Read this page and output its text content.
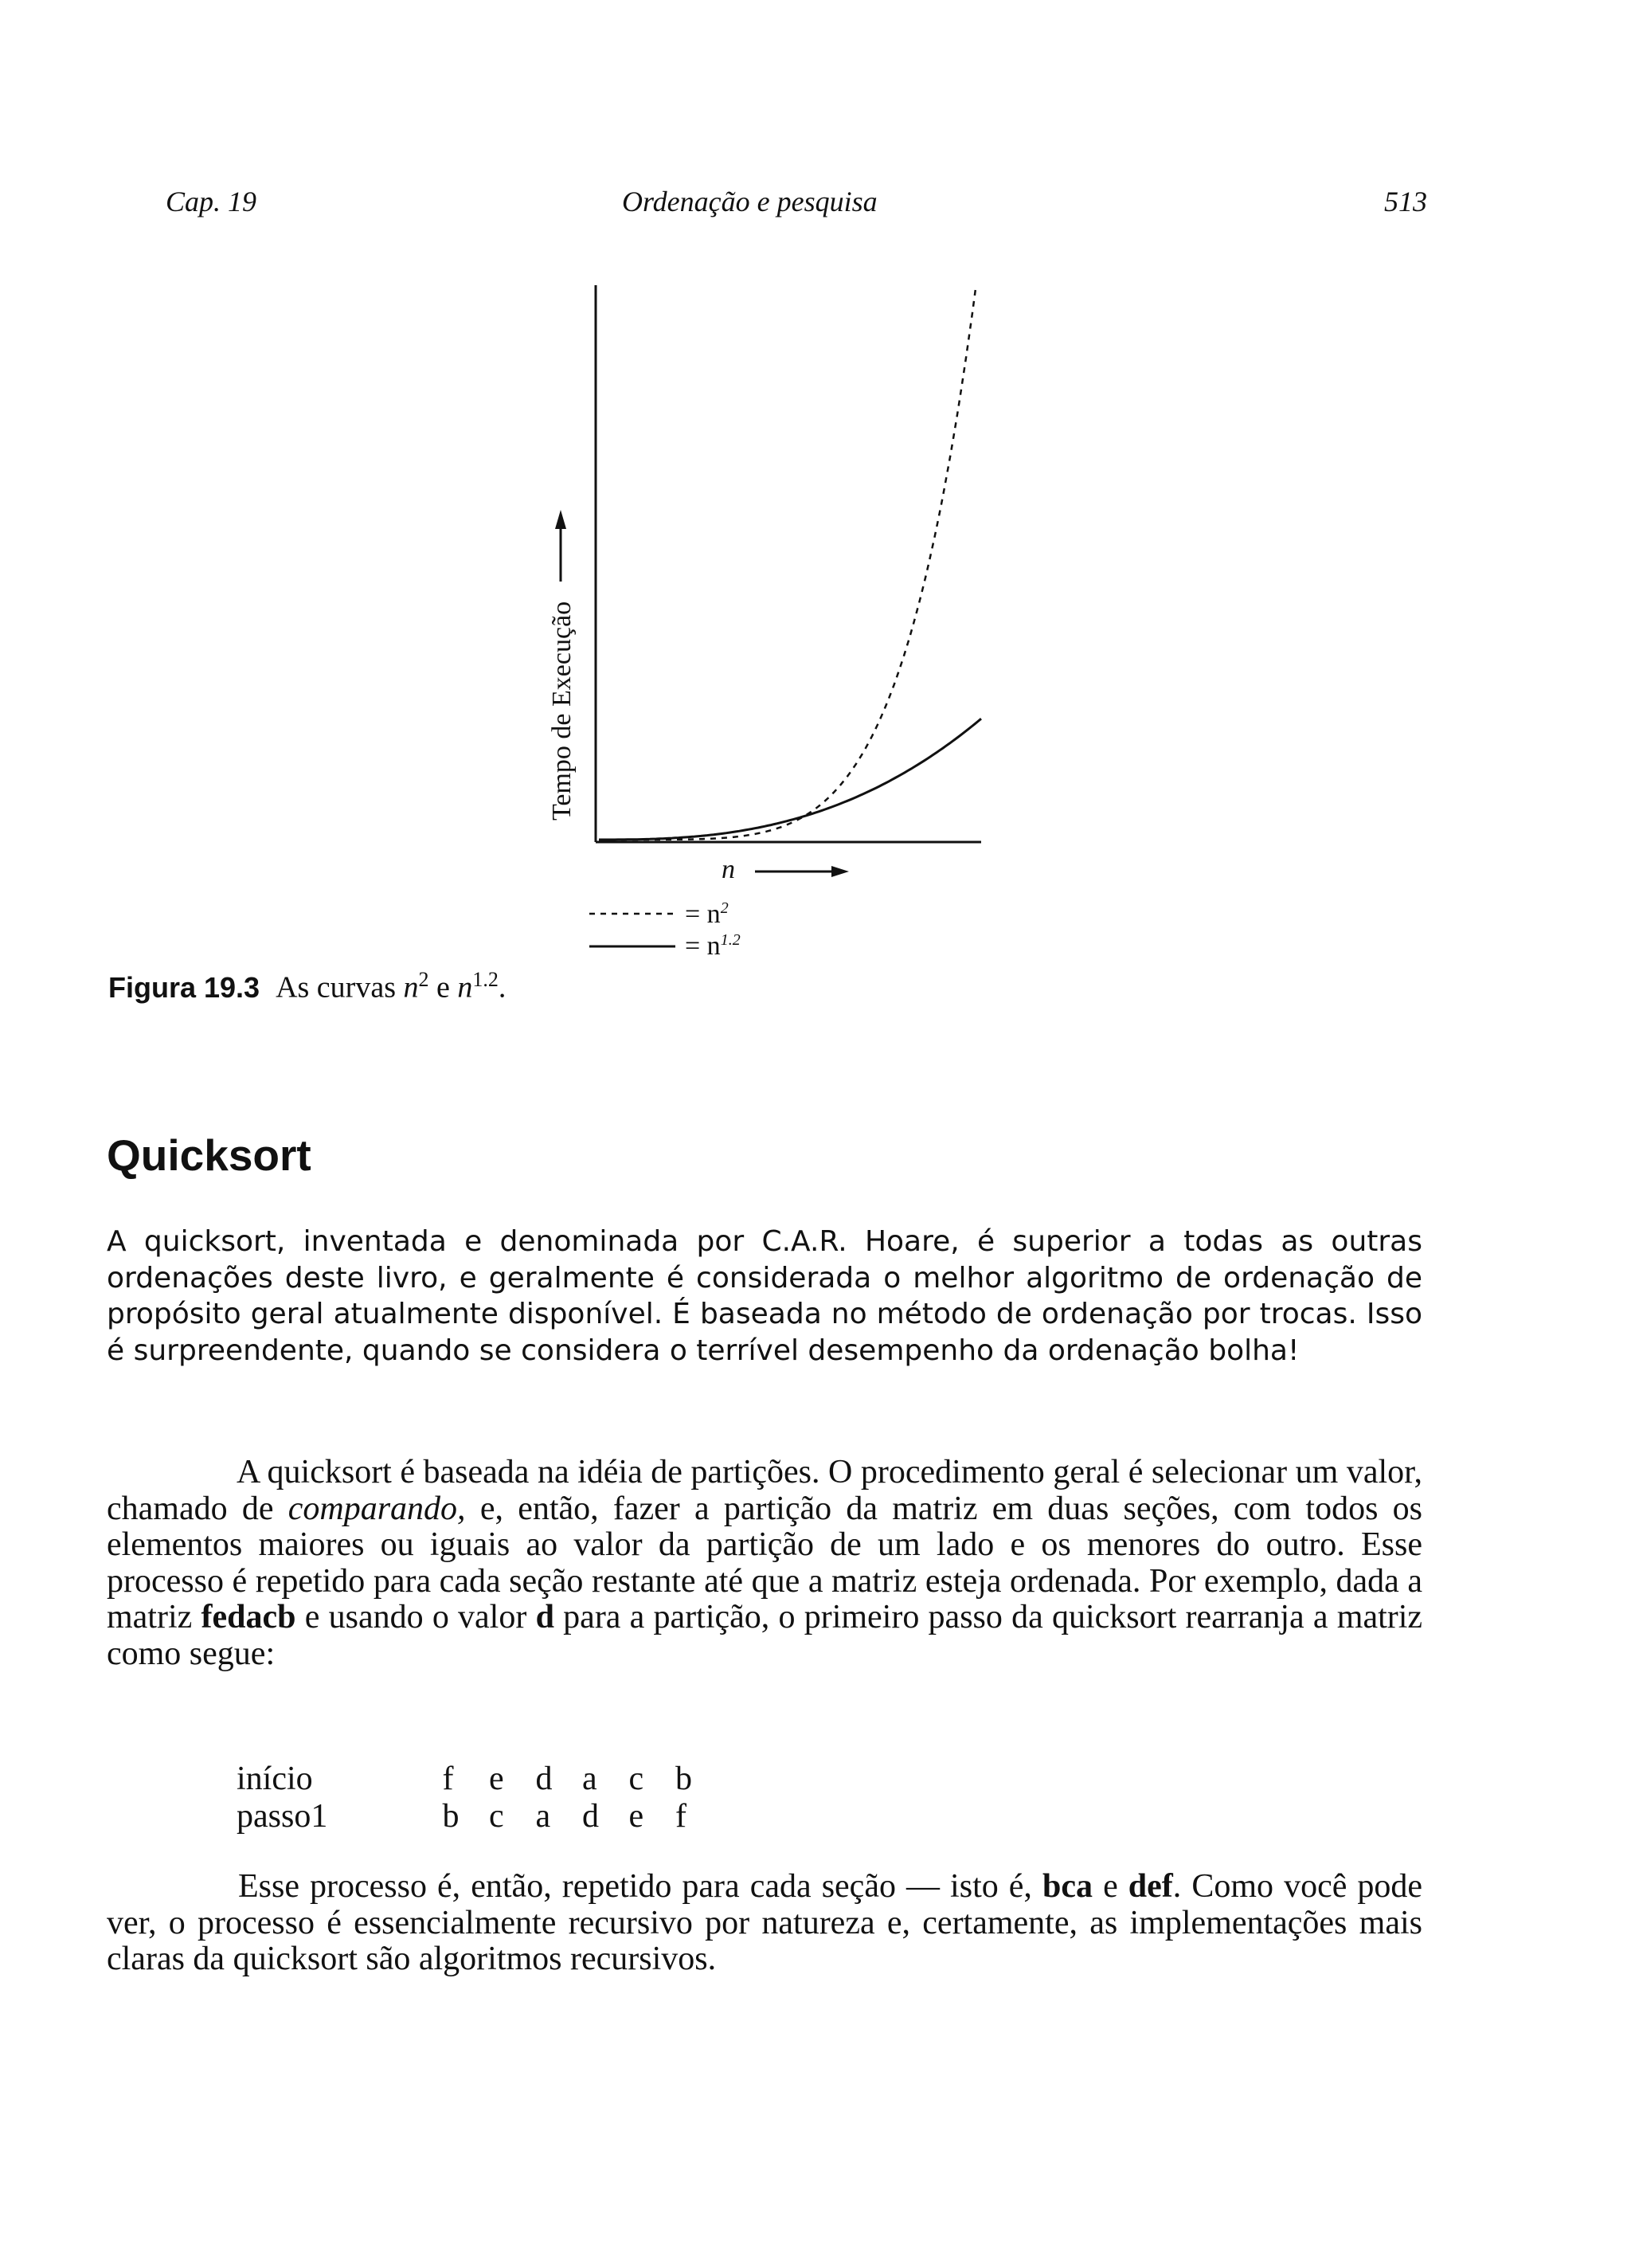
Cap. 19	Ordenação e pesquisa	513
Tempo de Execução
n
= $n^2$
= $n^{1.2}$
Figura 19.3 As curvas $n^2$ e $n^{1.2}$.
Quicksort
A quicksort, inventada e denominada por C.A.R. Hoare, é superior a todas as outras ordenações deste livro, e geralmente é considerada o melhor algoritmo de ordenação de propósito geral atualmente disponível. É baseada no método de ordenação por trocas. Isso é surpreendente, quando se considera o terrível desempenho da ordenação bolha!
A quicksort é baseada na idéia de partições. O procedimento geral é selecionar um valor, chamado de comparando, e, então, fazer a partição da matriz em duas seções, com todos os elementos maiores ou iguais ao valor da partição de um lado e os menores do outro. Esse processo é repetido para cada seção restante até que a matriz esteja ordenada. Por exemplo, dada a matriz fedacb e usando o valor d para a partição, o primeiro passo da quicksort rearranja a matriz como segue:
início	f e d a c b
passo1	b c a d e f
Esse processo é, então, repetido para cada seção — isto é, bca e def. Como você pode ver, o processo é essencialmente recursivo por natureza e, certamente, as implementações mais claras da quicksort são algoritmos recursivos.
